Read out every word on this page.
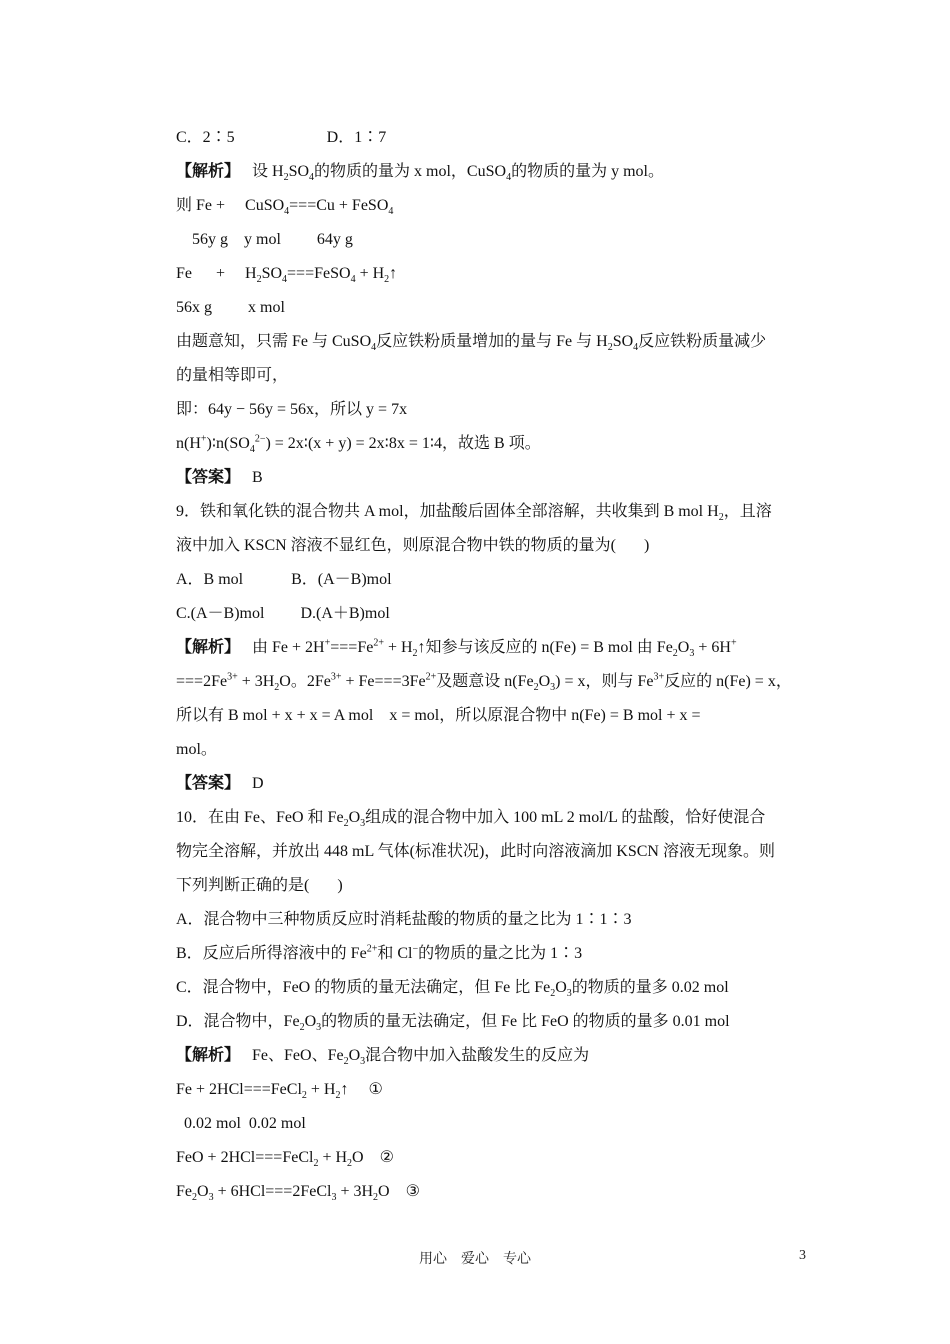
C．2∶5                       D．1∶7
【解析】   设 $H_2SO_4$的物质的量为 x mol，CuSO$_4$的物质的量为 y mol。
则 Fe +     CuSO$_4$===Cu + FeSO$_4$
56y g    y mol         64y g
Fe      +     $H_2SO_4===FeSO_4$ + $H_2↑$
56x g         x mol
由题意知，只需 Fe 与 CuSO$_4$反应铁粉质量增加的量与 Fe 与 $H_2SO_4$反应铁粉质量减少
的量相等即可，
即：64y − 56y = 56x，所以 y = 7x
$n(H^+)∶n(SO_4^{2-})$ = 2x∶(x + y) = 2x∶8x = 1∶4，故选 B 项。
【答案】   B
9．铁和氧化铁的混合物共 A mol，加盐酸后固体全部溶解，共收集到 B mol $H_2$，且溶
液中加入 KSCN 溶液不显红色，则原混合物中铁的物质的量为(       )
A．B mol            B．(A－B)mol
C.(A－B)mol         D.(A＋B)mol
【解析】   由 $Fe + 2H^+===Fe^{2+}$ + $H_2↑$知参与该反应的 n(Fe) = B mol 由 $Fe_2O_3 + 6H^+$
$===2Fe^{3+} + 3H_2O$。$2Fe^{3+} + Fe===3Fe^{2+}$及题意设 $n(Fe_2O_3) = x$，则与 $Fe^{3+}$反应的 n(Fe) = x，
所以有 B mol + x + x = A mol    x = mol，所以原混合物中 n(Fe) = B mol + x =
mol。
【答案】   D
10．在由 Fe、FeO 和 $Fe_2O_3$组成的混合物中加入 100 mL 2 mol/L 的盐酸，恰好使混合
物完全溶解，并放出 448 mL 气体(标准状况)，此时向溶液滴加 KSCN 溶液无现象。则
下列判断正确的是(       )
A．混合物中三种物质反应时消耗盐酸的物质的量之比为 1∶1∶3
B．反应后所得溶液中的 $Fe^{2+}$和 Cl−的物质的量之比为 1∶3
C．混合物中，FeO 的物质的量无法确定，但 Fe 比 $Fe_2O_3$的物质的量多 0.02 mol
D．混合物中，$Fe_2O_3$的物质的量无法确定，但 Fe 比 FeO 的物质的量多 0.01 mol
【解析】   Fe、FeO、$Fe_2O_3$混合物中加入盐酸发生的反应为
Fe + 2HCl===FeCl$_2$ + $H_2↑$     ①
0.02 mol  0.02 mol
FeO + 2HCl===FeCl$_2$ + $H_2O$    ②
$Fe_2O_3$ + 6HCl===2FeCl$_3$ + $3H_2O$    ③
用心　爱心　专心	3
